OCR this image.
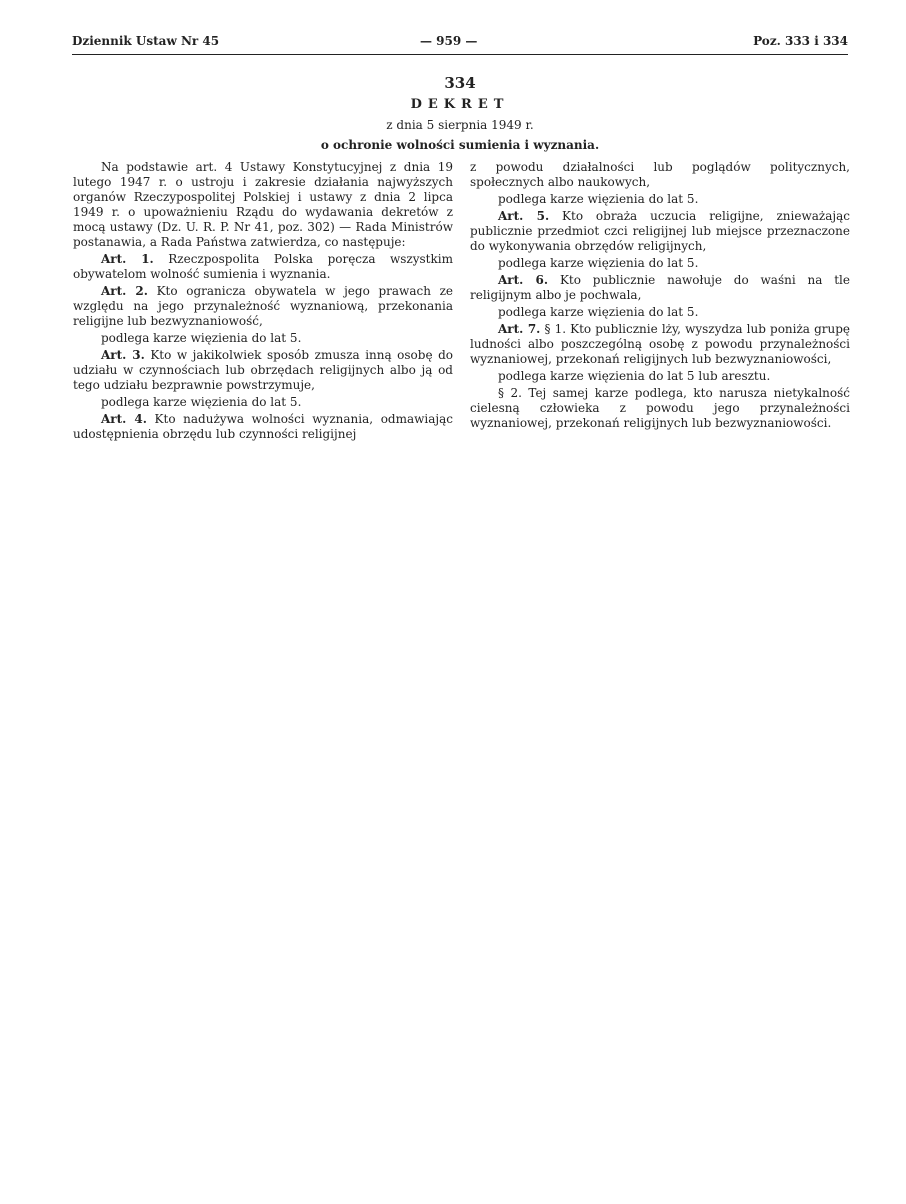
Dziennik Ustaw Nr 45	— 959 —	Poz. 333 i 334
334
DEKRET
z dnia 5 sierpnia 1949 r.
o ochronie wolności sumienia i wyznania.

Na podstawie art. 4 Ustawy Konstytucyjnej z dnia 19 lutego 1947 r. o ustroju i zakresie działania najwyższych organów Rzeczypospolitej Polskiej i ustawy z dnia 2 lipca 1949 r. o upoważnieniu Rządu do wydawania dekretów z mocą ustawy (Dz. U. R. P. Nr 41, poz. 302) — Rada Ministrów postanawia, a Rada Państwa zatwierdza, co następuje:

Art. 1. Rzeczpospolita Polska poręcza wszystkim obywatelom wolność sumienia i wyznania.

Art. 2. Kto ogranicza obywatela w jego prawach ze względu na jego przynależność wyznaniową, przekonania religijne lub bezwyznaniowość,

podlega karze więzienia do lat 5.

Art. 3. Kto w jakikolwiek sposób zmusza inną osobę do udziału w czynnościach lub obrzędach religijnych albo ją od tego udziału bezprawnie powstrzymuje,

podlega karze więzienia do lat 5.

Art. 4. Kto nadużywa wolności wyznania, odmawiając udostępnienia obrzędu lub czynności religijnej

z powodu działalności lub poglądów politycznych, społecznych albo naukowych,

podlega karze więzienia do lat 5.

Art. 5. Kto obraża uczucia religijne, znieważając publicznie przedmiot czci religijnej lub miejsce przeznaczone do wykonywania obrzędów religijnych,

podlega karze więzienia do lat 5.

Art. 6. Kto publicznie nawołuje do waśni na tle religijnym albo je pochwala,

podlega karze więzienia do lat 5.

Art. 7. § 1. Kto publicznie lży, wyszydza lub poniża grupę ludności albo poszczególną osobę z powodu przynależności wyznaniowej, przekonań religijnych lub bezwyznaniowości,

podlega karze więzienia do lat 5 lub aresztu.

§ 2. Tej samej karze podlega, kto narusza nietykalność cielesną człowieka z powodu jego przynależności wyznaniowej, przekonań religijnych lub bezwyznaniowości.
